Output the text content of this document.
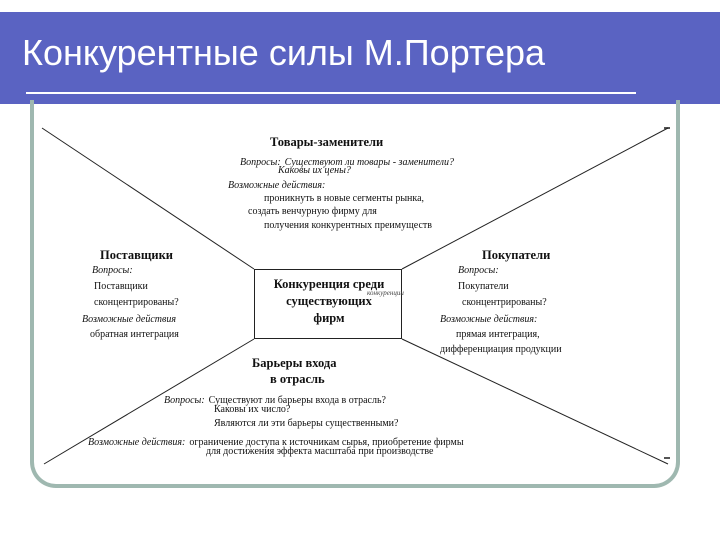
Конкурентные силы М.Портера
Конкуренция среди
существующих
фирм
конкуренции
Товары-заменители
Вопросы: Существуют ли товары - заменители?
Каковы их цены?
Возможные действия:
проникнуть в новые сегменты рынка,
создать венчурную фирму для
получения конкурентных преимуществ
Поставщики
Вопросы:
Поставщики
сконцентрированы?
Возможные действия
обратная интеграция
Покупатели
Вопросы:
Покупатели
сконцентрированы?
Возможные действия:
прямая интеграция,
дифференциация продукции
Барьеры входа
в отрасль
Вопросы: Существуют ли барьеры входа в отрасль?
Каковы их число?
Являются ли эти барьеры существенными?
Возможные действия: ограничение доступа к источникам сырья, приобретение фирмы
для достижения эффекта масштаба при производстве
